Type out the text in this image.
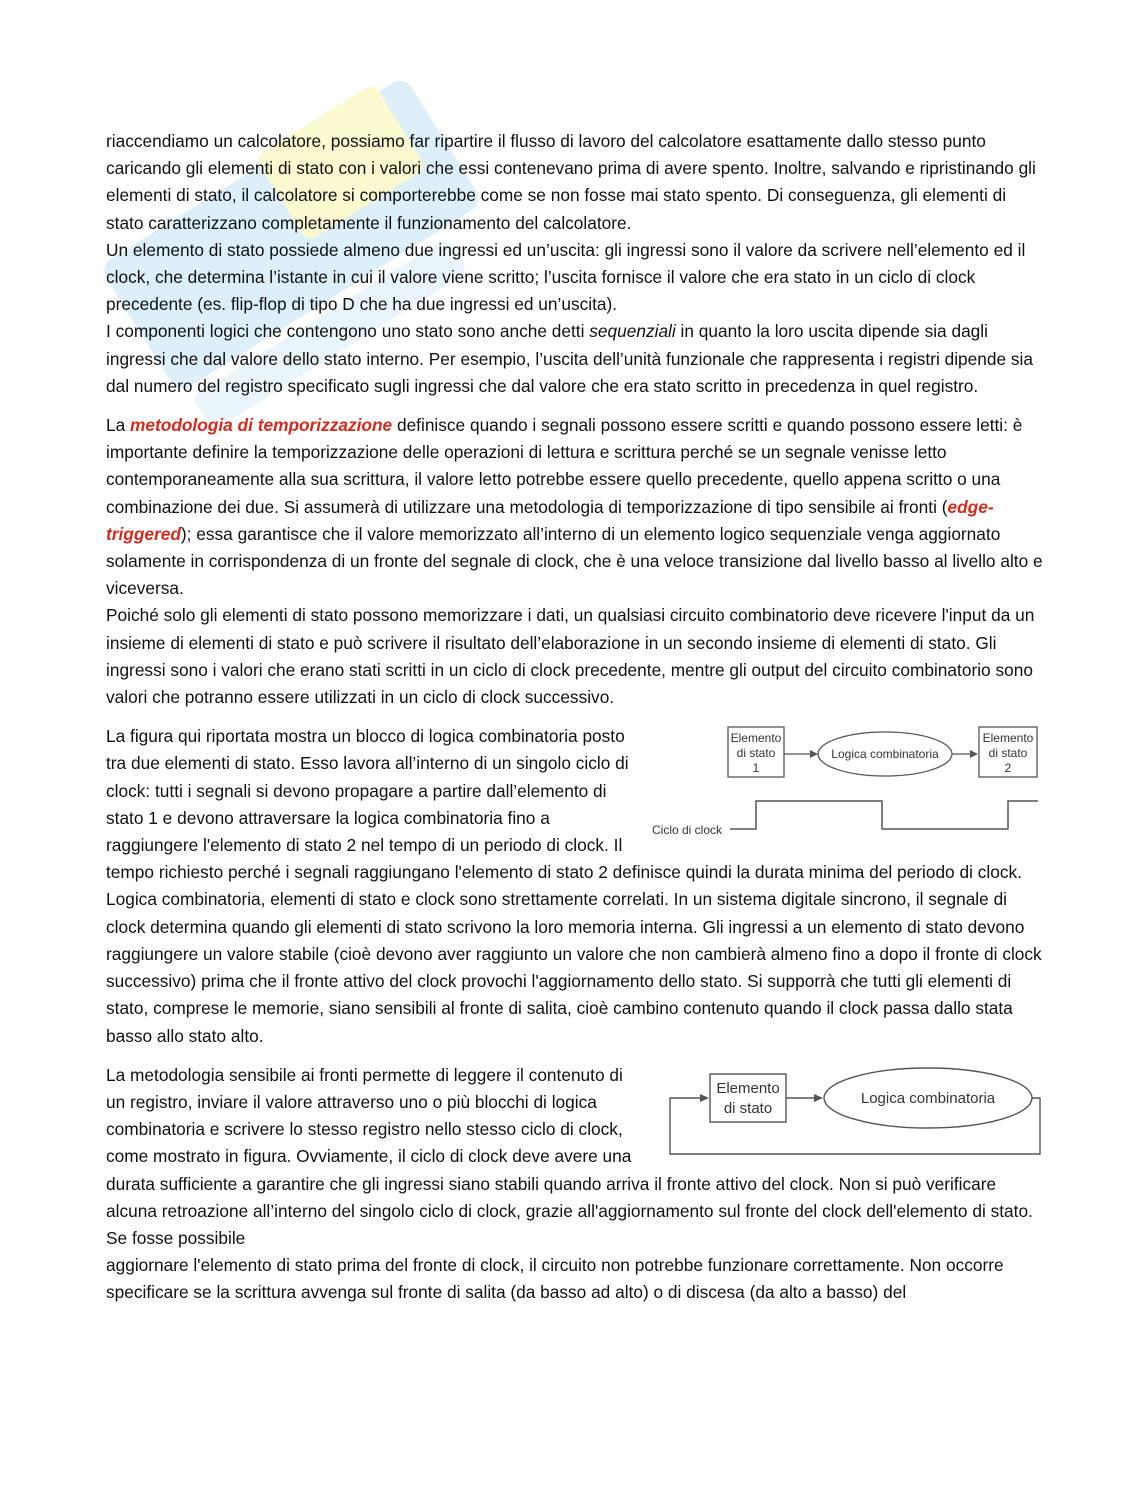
riaccendiamo un calcolatore, possiamo far ripartire il flusso di lavoro del calcolatore esattamente dallo stesso punto caricando gli elementi di stato con i valori che essi contenevano prima di avere spento. Inoltre, salvando e ripristinando gli elementi di stato, il calcolatore si comporterebbe come se non fosse mai stato spento. Di conseguenza, gli elementi di stato caratterizzano completamente il funzionamento del calcolatore.

Un elemento di stato possiede almeno due ingressi ed un’uscita: gli ingressi sono il valore da scrivere nell’elemento ed il clock, che determina l’istante in cui il valore viene scritto; l’uscita fornisce il valore che era stato in un ciclo di clock precedente (es. flip-flop di tipo D che ha due ingressi ed un’uscita).

I componenti logici che contengono uno stato sono anche detti sequenziali in quanto la loro uscita dipende sia dagli ingressi che dal valore dello stato interno. Per esempio, l’uscita dell’unità funzionale che rappresenta i registri dipende sia dal numero del registro specificato sugli ingressi che dal valore che era stato scritto in precedenza in quel registro.

La metodologia di temporizzazione definisce quando i segnali possono essere scritti e quando possono essere letti: è importante definire la temporizzazione delle operazioni di lettura e scrittura perché se un segnale venisse letto contemporaneamente alla sua scrittura, il valore letto potrebbe essere quello precedente, quello appena scritto o una combinazione dei due. Si assumerà di utilizzare una metodologia di temporizzazione di tipo sensibile ai fronti (edge-triggered); essa garantisce che il valore memorizzato all’interno di un elemento logico sequenziale venga aggiornato solamente in corrispondenza di un fronte del segnale di clock, che è una veloce transizione dal livello basso al livello alto e viceversa.

Poiché solo gli elementi di stato possono memorizzare i dati, un qualsiasi circuito combinatorio deve ricevere l'input da un insieme di elementi di stato e può scrivere il risultato dell’elaborazione in un secondo insieme di elementi di stato. Gli ingressi sono i valori che erano stati scritti in un ciclo di clock precedente, mentre gli output del circuito combinatorio sono valori che potranno essere utilizzati in un ciclo di clock successivo.

Elemento
di stato
1
Logica combinatoria
Elemento
di stato
2
Ciclo di clock

La figura qui riportata mostra un blocco di logica combinatoria posto tra due elementi di stato. Esso lavora all’interno di un singolo ciclo di clock: tutti i segnali si devono propagare a partire dall’elemento di stato 1 e devono attraversare la logica combinatoria fino a raggiungere l'elemento di stato 2 nel tempo di un periodo di clock. Il tempo richiesto perché i segnali raggiungano l'elemento di stato 2 definisce quindi la durata minima del periodo di clock.

Logica combinatoria, elementi di stato e clock sono strettamente correlati. In un sistema digitale sincrono, il segnale di clock determina quando gli elementi di stato scrivono la loro memoria interna. Gli ingressi a un elemento di stato devono raggiungere un valore stabile (cioè devono aver raggiunto un valore che non cambierà almeno fino a dopo il fronte di clock successivo) prima che il fronte attivo del clock provochi l'aggiornamento dello stato. Si supporrà che tutti gli elementi di stato, comprese le memorie, siano sensibili al fronte di salita, cioè cambino contenuto quando il clock passa dallo stata basso allo stato alto.

Elemento
di stato
Logica combinatoria

La metodologia sensibile ai fronti permette di leggere il contenuto di un registro, inviare il valore attraverso uno o più blocchi di logica combinatoria e scrivere lo stesso registro nello stesso ciclo di clock, come mostrato in figura. Ovviamente, il ciclo di clock deve avere una durata sufficiente a garantire che gli ingressi siano stabili quando arriva il fronte attivo del clock. Non si può verificare alcuna retroazione all’interno del singolo ciclo di clock, grazie all'aggiornamento sul fronte del clock dell'elemento di stato. Se fosse possibile

aggiornare l'elemento di stato prima del fronte di clock, il circuito non potrebbe funzionare correttamente. Non occorre specificare se la scrittura avvenga sul fronte di salita (da basso ad alto) o di discesa (da alto a basso) del
